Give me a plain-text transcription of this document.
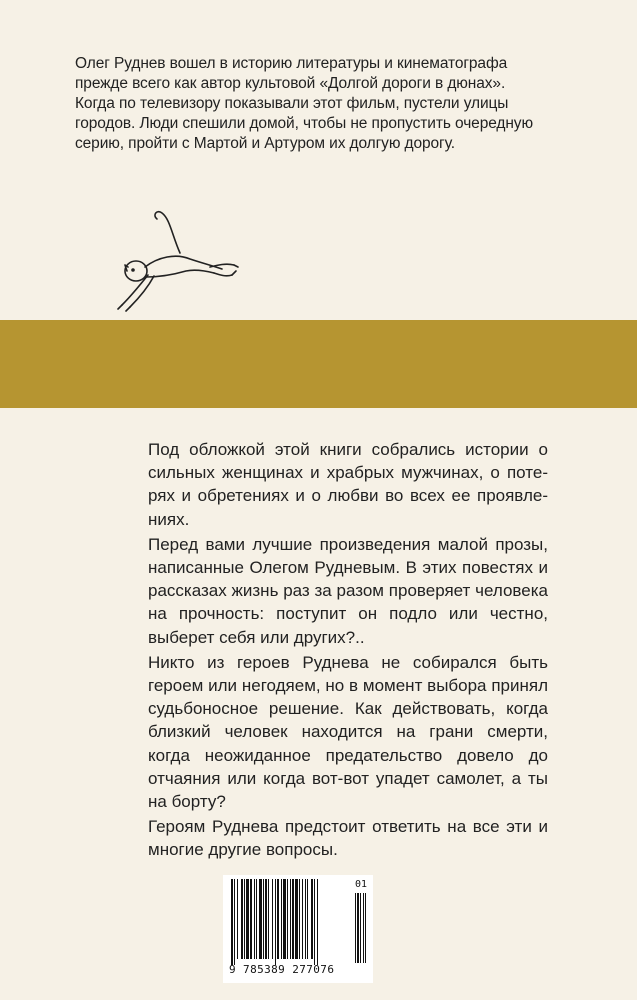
Олег Руднев вошел в историю литературы и кинематографа
прежде всего как автор культовой «Долгой дороги в дюнах».
Когда по телевизору показывали этот фильм, пустели улицы
городов. Люди спешили домой, чтобы не пропустить очередную
серию, пройти с Мартой и Артуром их долгую дорогу.

Под обложкой этой книги собрались истории о сильных женщинах и храбрых мужчинах, о потерях и обретениях и о любви во всех ее проявлениях.

Перед вами лучшие произведения малой прозы, написанные Олегом Рудневым. В этих повестях и рассказах жизнь раз за разом проверяет человека на прочность: поступит он подло или честно, выберет себя или других?..

Никто из героев Руднева не собирался быть героем или негодяем, но в момент выбора принял судьбоносное решение. Как действовать, когда близкий человек находится на грани смерти, когда неожиданное предательство довело до отчаяния или когда вот-вот упадет самолет, а ты на борту?

Героям Руднева предстоит ответить на все эти и многие другие вопросы.

9 785389 277076
01
